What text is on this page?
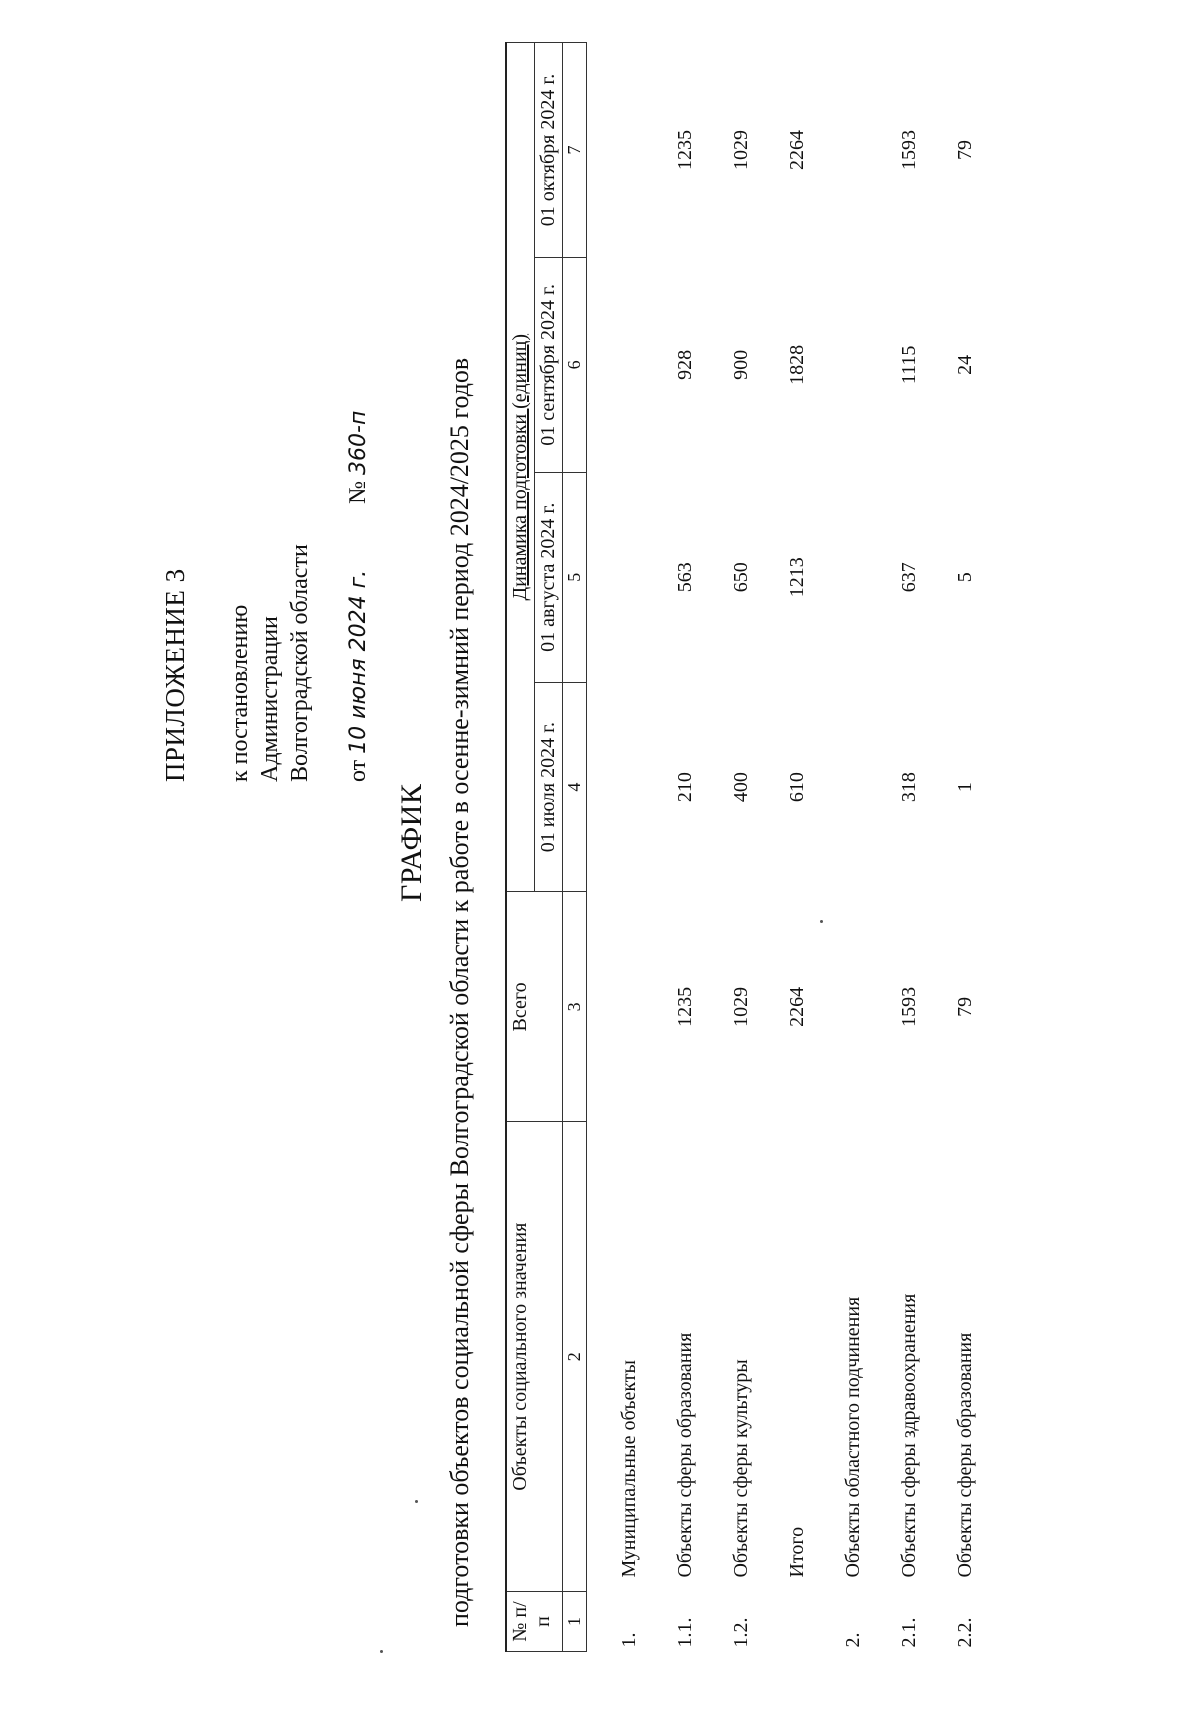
ПРИЛОЖЕНИЕ 3 к постановлению Администрации Волгоградской области от 10 июня 2024 г. № 360-п
ГРАФИК подготовки объектов социальной сферы Волгоградской области к работе в осенне-зимний период 2024/2025 годов № п/п	Объекты социального значения	Всего	Динамика подготовки (единиц)			
			01 июля 2024 г.	01 августа 2024 г.	01 сентября 2024 г.	01 октября 2024 г.
1	2	3	4	5	6	7
1.	Муниципальные объекты					
1.1.	Объекты сферы образования	1235	210	563	928	1235
1.2.	Объекты сферы культуры	1029	400	650	900	1029
	Итого	2264	610	1213	1828	2264
2.	Объекты областного подчинения					
2.1.	Объекты сферы здравоохранения	1593	318	637	1115	1593
2.2.	Объекты сферы образования	79	1	5	24	79
